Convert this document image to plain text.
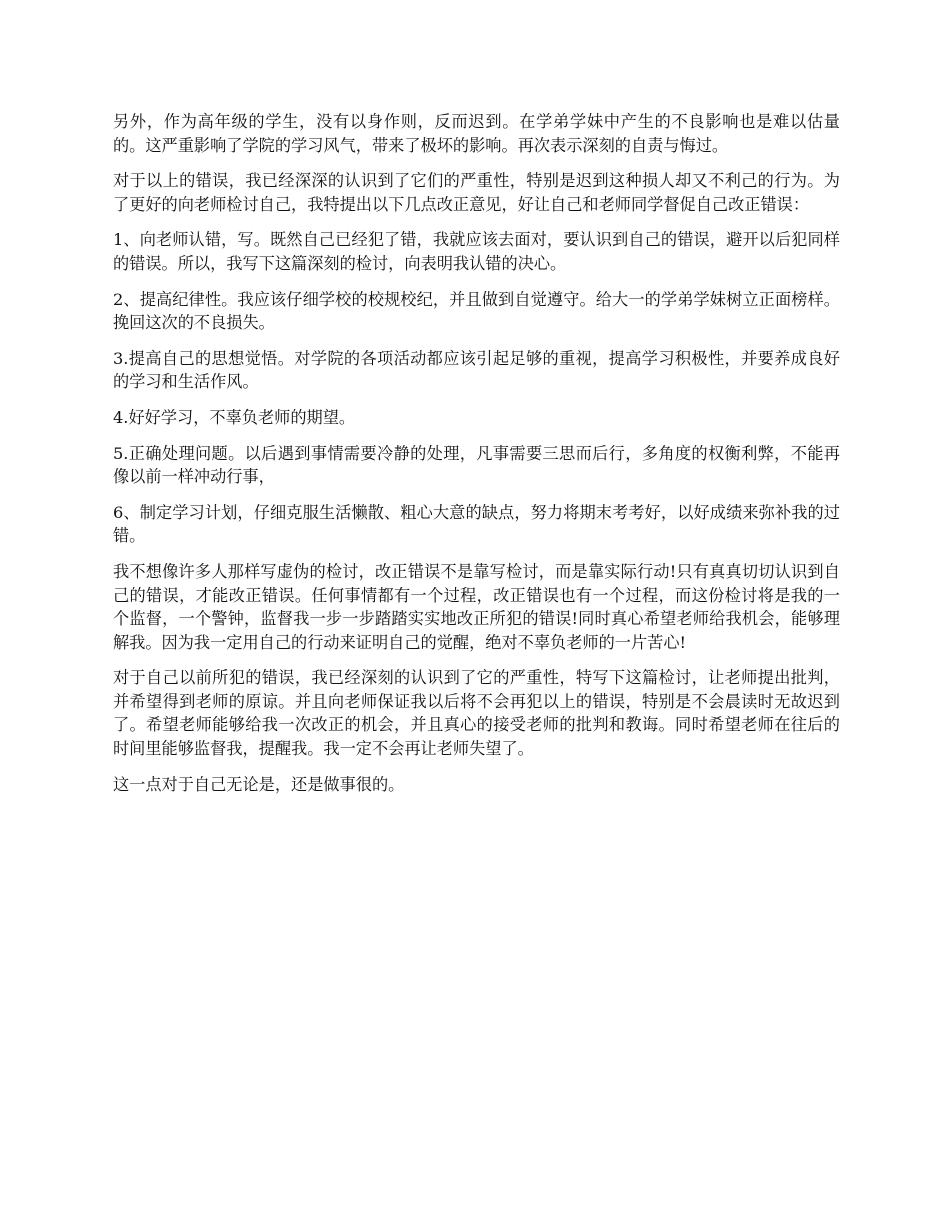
另外，作为高年级的学生，没有以身作则，反而迟到。在学弟学妹中产生的不良影响也是难以估量的。这严重影响了学院的学习风气，带来了极坏的影响。再次表示深刻的自责与悔过。

对于以上的错误，我已经深深的认识到了它们的严重性，特别是迟到这种损人却又不利己的行为。为了更好的向老师检讨自己，我特提出以下几点改正意见，好让自己和老师同学督促自己改正错误：

1、向老师认错，写。既然自己已经犯了错，我就应该去面对，要认识到自己的错误，避开以后犯同样的错误。所以，我写下这篇深刻的检讨，向表明我认错的决心。

2、提高纪律性。我应该仔细学校的校规校纪，并且做到自觉遵守。给大一的学弟学妹树立正面榜样。挽回这次的不良损失。

3.提高自己的思想觉悟。对学院的各项活动都应该引起足够的重视，提高学习积极性，并要养成良好的学习和生活作风。

4.好好学习，不辜负老师的期望。

5.正确处理问题。以后遇到事情需要冷静的处理，凡事需要三思而后行，多角度的权衡利弊，不能再像以前一样冲动行事，

6、制定学习计划，仔细克服生活懒散、粗心大意的缺点，努力将期末考考好，以好成绩来弥补我的过错。

我不想像许多人那样写虚伪的检讨，改正错误不是靠写检讨，而是靠实际行动!只有真真切切认识到自己的错误，才能改正错误。任何事情都有一个过程，改正错误也有一个过程，而这份检讨将是我的一个监督，一个警钟，监督我一步一步踏踏实实地改正所犯的错误!同时真心希望老师给我机会，能够理解我。因为我一定用自己的行动来证明自己的觉醒，绝对不辜负老师的一片苦心!

对于自己以前所犯的错误，我已经深刻的认识到了它的严重性，特写下这篇检讨，让老师提出批判，并希望得到老师的原谅。并且向老师保证我以后将不会再犯以上的错误，特别是不会晨读时无故迟到了。希望老师能够给我一次改正的机会，并且真心的接受老师的批判和教诲。同时希望老师在往后的时间里能够监督我，提醒我。我一定不会再让老师失望了。

这一点对于自己无论是，还是做事很的。
